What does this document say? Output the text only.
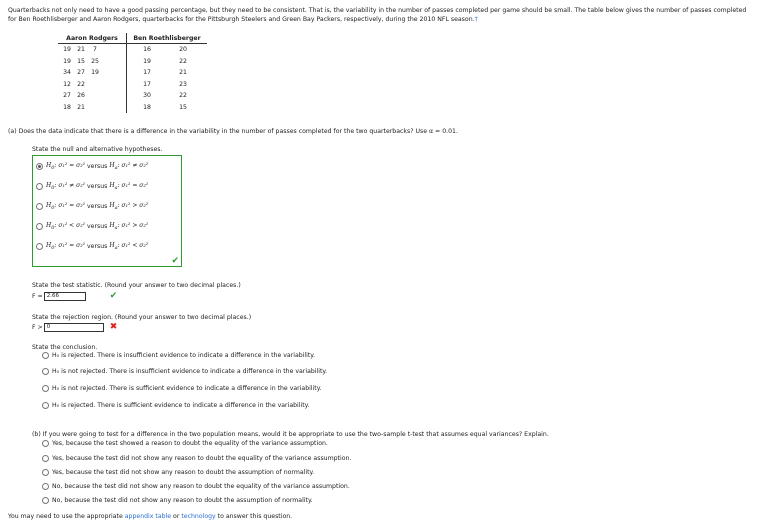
Quarterbacks not only need to have a good passing percentage, but they need to be consistent. That is, the variability in the number of passes completed per game should be small. The table below gives the number of passes completed for Ben Roethlisberger and Aaron Rodgers, quarterbacks for the Pittsburgh Steelers and Green Bay Packers, respectively, during the 2010 NFL season.†
Aaron Rodgers	Ben Roethlisberger
19 21 7	16 20
19 15 25	19 22
34 27 19	17 21
12 22	17 23
27 26	30 22
18 21	18 15
(a) Does the data indicate that there is a difference in the variability in the number of passes completed for the two quarterbacks? Use α = 0.01.
State the null and alternative hypotheses.
$H_0$: σ₁² = σ₂²
versus
$H_a$: σ₁² ≠ σ₂²
$H_0$: σ₁² ≠ σ₂²
versus
$H_a$: σ₁² = σ₂²
$H_0$: σ₁² = σ₂²
versus
$H_a$: σ₁² > σ₂²
$H_0$: σ₁² < σ₂²
versus
$H_a$: σ₁² > σ₂²
$H_0$: σ₁² = σ₂²
versus
$H_a$: σ₁² < σ₂²
✔
State the test statistic. (Round your answer to two decimal places.)
F = 2.66	✔
State the rejection region. (Round your answer to two decimal places.)
F > 0	✖
State the conclusion.
H₀ is rejected. There is insufficient evidence to indicate a difference in the variability.
H₀ is not rejected. There is insufficient evidence to indicate a difference in the variability.
H₀ is not rejected. There is sufficient evidence to indicate a difference in the variability.
H₀ is rejected. There is sufficient evidence to indicate a difference in the variability.
(b) If you were going to test for a difference in the two population means, would it be appropriate to use the two-sample t-test that assumes equal variances? Explain.
Yes, because the test showed a reason to doubt the equality of the variance assumption.
Yes, because the test did not show any reason to doubt the equality of the variance assumption.
Yes, because the test did not show any reason to doubt the assumption of normality.
No, because the test did not show any reason to doubt the equality of the variance assumption.
No, because the test did not show any reason to doubt the assumption of normality.
You may need to use the appropriate appendix table or technology to answer this question.
